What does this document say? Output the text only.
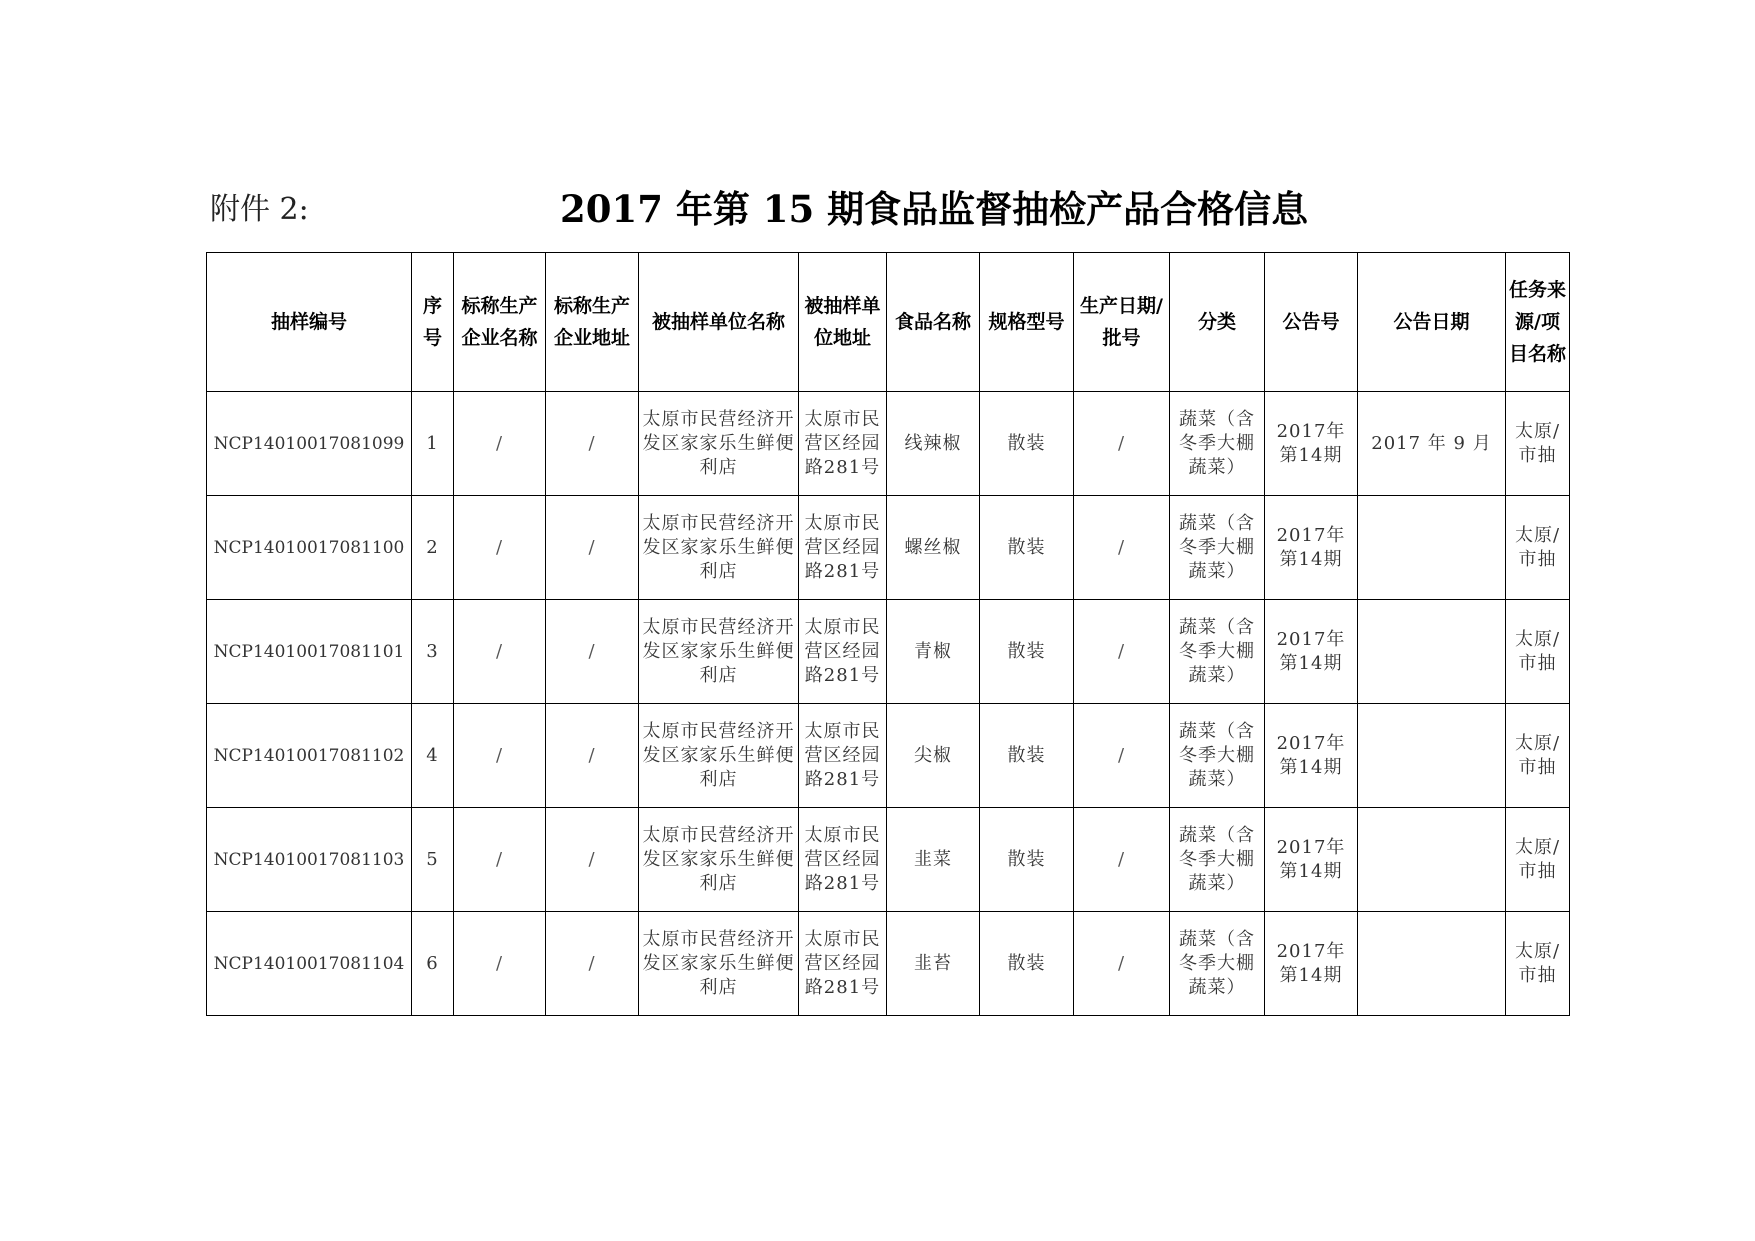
附件 2:	2017 年第 15 期食品监督抽检产品合格信息
抽样编号	序号	标称生产企业名称	标称生产企业地址	被抽样单位名称	被抽样单位地址	食品名称	规格型号	生产日期/批号	分类	公告号	公告日期	任务来源/项目名称

NCP14010017081099	1	/	/	太原市民营经济开发区家家乐生鲜便利店	太原市民营区经园路281号	线辣椒	散装	/	蔬菜（含冬季大棚蔬菜）	2017年第14期	2017 年 9 月	太原/市抽

NCP14010017081100	2	/	/	太原市民营经济开发区家家乐生鲜便利店	太原市民营区经园路281号	螺丝椒	散装	/	蔬菜（含冬季大棚蔬菜）	2017年第14期		太原/市抽

NCP14010017081101	3	/	/	太原市民营经济开发区家家乐生鲜便利店	太原市民营区经园路281号	青椒	散装	/	蔬菜（含冬季大棚蔬菜）	2017年第14期		太原/市抽

NCP14010017081102	4	/	/	太原市民营经济开发区家家乐生鲜便利店	太原市民营区经园路281号	尖椒	散装	/	蔬菜（含冬季大棚蔬菜）	2017年第14期		太原/市抽

NCP14010017081103	5	/	/	太原市民营经济开发区家家乐生鲜便利店	太原市民营区经园路281号	韭菜	散装	/	蔬菜（含冬季大棚蔬菜）	2017年第14期		太原/市抽

NCP14010017081104	6	/	/	太原市民营经济开发区家家乐生鲜便利店	太原市民营区经园路281号	韭苔	散装	/	蔬菜（含冬季大棚蔬菜）	2017年第14期		太原/市抽
